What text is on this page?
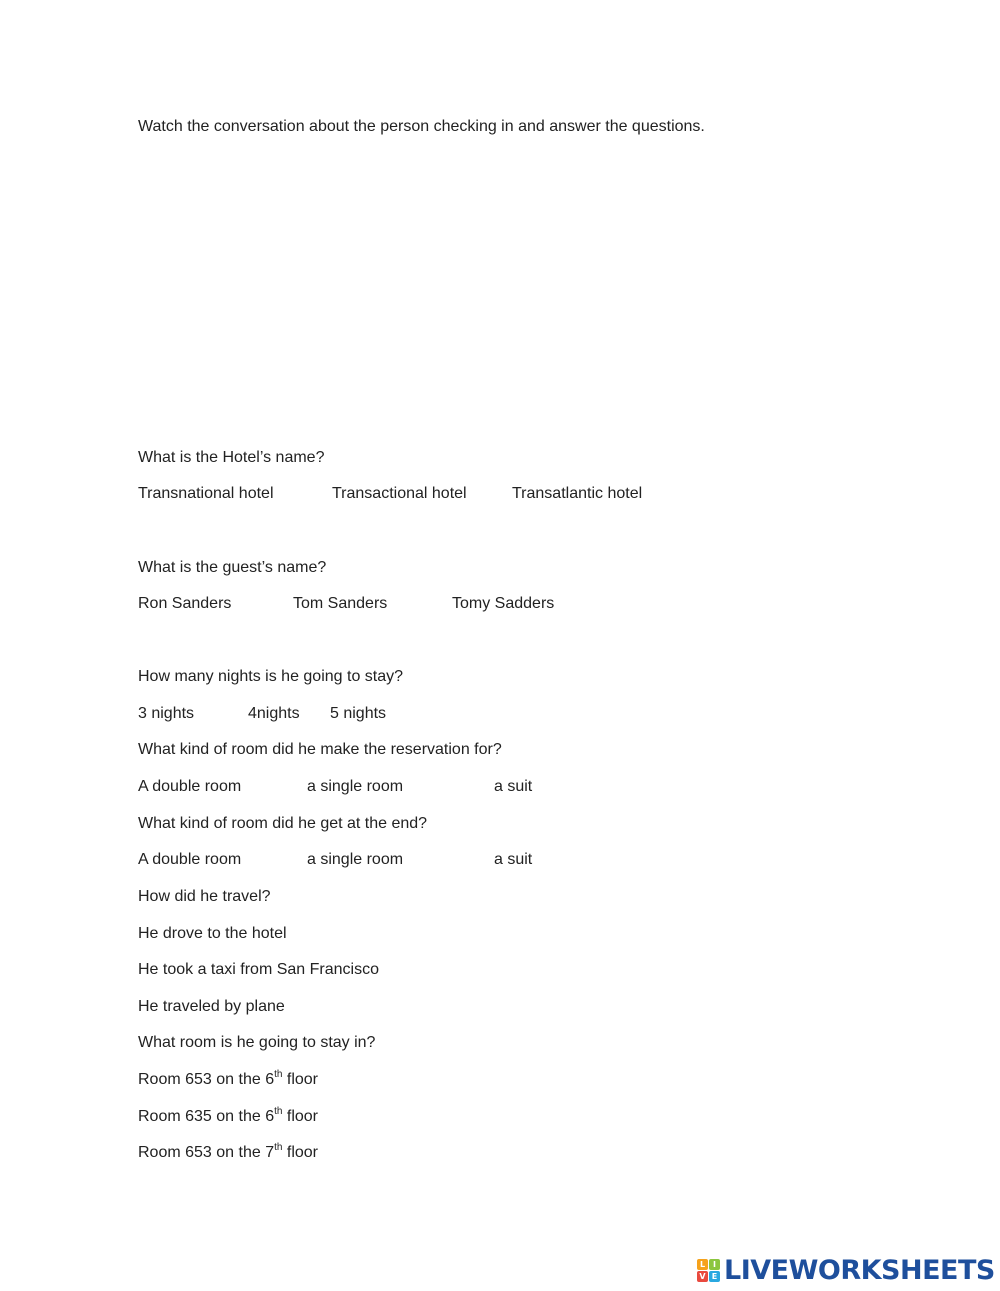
Watch the conversation about the person checking in and answer the questions.
What is the Hotel’s name?
Transnational hotel	Transactional hotel	Transatlantic hotel
What is the guest’s name?
Ron Sanders	Tom Sanders	Tomy Sadders
How many nights is he going to stay?
3 nights	4nights 5 nights
What kind of room did he make the reservation for?
A double room	a single room	a suit
What kind of room did he get at the end?
A double room	a single room	a suit
How did he travel?
He drove to the hotel
He took a taxi from San Francisco
He traveled by plane
What room is he going to stay in?
Room 653 on the 6th floor
Room 635 on the 6th floor
Room 653 on the 7th floor
L I
V E LIVEWORKSHEETS
